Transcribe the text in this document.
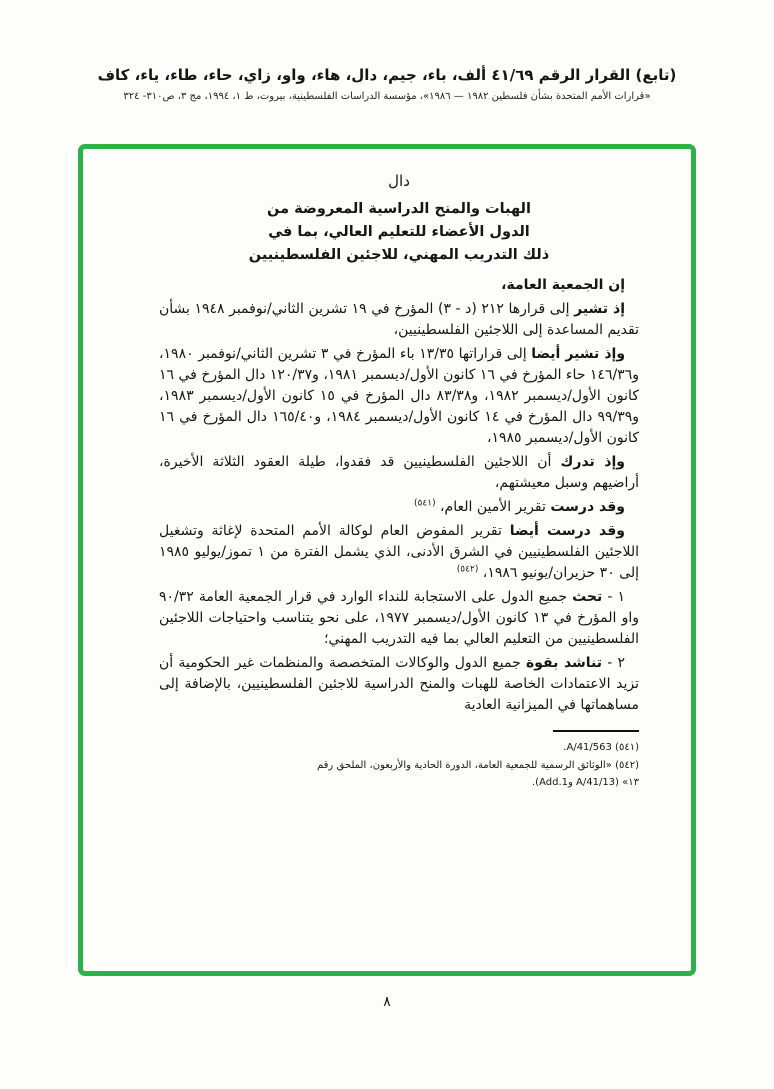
(تابع) القرار الرقم ٤١/٦٩ ألف، باء، جيم، دال، هاء، واو، زاي، حاء، طاء، ياء، كاف
«قرارات الأمم المتحدة بشأن فلسطين ١٩٨٢ — ١٩٨٦»، مؤسسة الدراسات الفلسطينية، بيروت، ط ١، ١٩٩٤، مج ٣، ص٣١٠- ٣٢٤
دال
الهبات والمنح الدراسية المعروضة من
الدول الأعضاء للتعليم العالي، بما في
ذلك التدريب المهني، للاجئين الفلسطينيين

إن الجمعية العامة،

إذ تشير إلى قرارها ٢١٢ (د - ٣) المؤرخ في ١٩ تشرين الثاني/نوفمبر ١٩٤٨ بشأن تقديم المساعدة إلى اللاجئين الفلسطينيين،

وإذ تشير أيضا إلى قراراتها ١٣/٣٥ باء المؤرخ في ٣ تشرين الثاني/نوفمبر ١٩٨٠، و١٤٦/٣٦ حاء المؤرخ في ١٦ كانون الأول/ديسمبر ١٩٨١، و١٢٠/٣٧ دال المؤرخ في ١٦ كانون الأول/ديسمبر ١٩٨٢، و٨٣/٣٨ دال المؤرخ في ١٥ كانون الأول/ديسمبر ١٩٨٣، و٩٩/٣٩ دال المؤرخ في ١٤ كانون الأول/ديسمبر ١٩٨٤، و١٦٥/٤٠ دال المؤرخ في ١٦ كانون الأول/ديسمبر ١٩٨٥،

وإذ تدرك أن اللاجئين الفلسطينيين قد فقدوا، طيلة العقود الثلاثة الأخيرة، أراضيهم وسبل معيشتهم،

وقد درست تقرير الأمين العام، $^{(٥٤١)}$

وقد درست أيضا تقرير المفوض العام لوكالة الأمم المتحدة لإغاثة وتشغيل اللاجئين الفلسطينيين في الشرق الأدنى، الذي يشمل الفترة من ١ تموز/يوليو ١٩٨٥ إلى ٣٠ حزيران/يونيو ١٩٨٦، $^{(٥٤٢)}$

١ - تحث جميع الدول على الاستجابة للنداء الوارد في قرار الجمعية العامة ٩٠/٣٢ واو المؤرخ في ١٣ كانون الأول/ديسمبر ١٩٧٧، على نحو يتناسب واحتياجات اللاجئين الفلسطينيين من التعليم العالي بما فيه التدريب المهني؛

٢ - تناشد بقوة جميع الدول والوكالات المتخصصة والمنظمات غير الحكومية أن تزيد الاعتمادات الخاصة للهبات والمنح الدراسية للاجئين الفلسطينيين، بالإضافة إلى مساهماتها في الميزانية العادية

(٥٤١) A/41/563.
(٥٤٢) «الوثائق الرسمية للجمعية العامة، الدورة الحادية والأربعون، الملحق رقم ١٣» (A/41/13 وAdd.1).
٨
